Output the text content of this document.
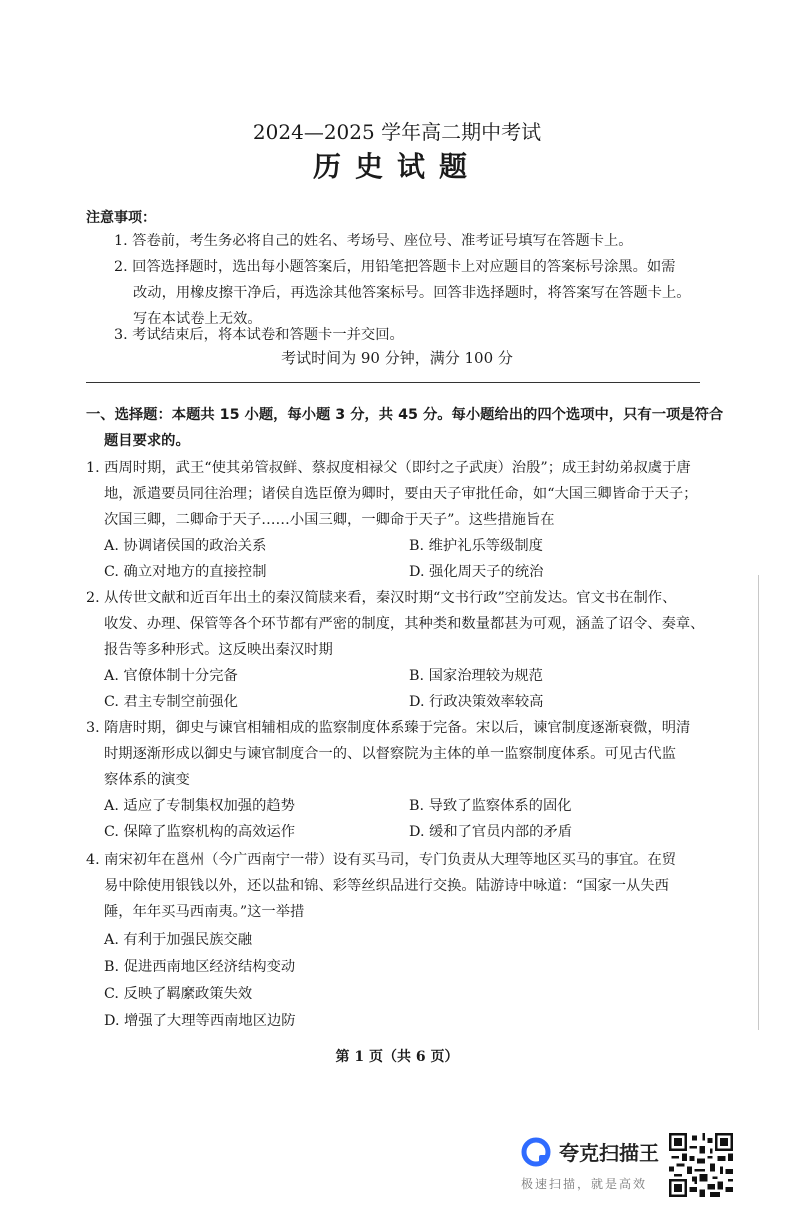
2024—2025 学年高二期中考试
历史试题
注意事项：
1. 答卷前，考生务必将自己的姓名、考场号、座位号、准考证号填写在答题卡上。
2. 回答选择题时，选出每小题答案后，用铅笔把答题卡上对应题目的答案标号涂黑。如需
改动，用橡皮擦干净后，再选涂其他答案标号。回答非选择题时，将答案写在答题卡上。
写在本试卷上无效。
3. 考试结束后，将本试卷和答题卡一并交回。
考试时间为 90 分钟，满分 100 分
一、选择题：本题共 15 小题，每小题 3 分，共 45 分。每小题给出的四个选项中，只有一项是符合
题目要求的。
1. 西周时期，武王“使其弟管叔鲜、蔡叔度相禄父（即纣之子武庚）治殷”；成王封幼弟叔虞于唐
地，派遣要员同往治理；诸侯自选臣僚为卿时，要由天子审批任命，如“大国三卿皆命于天子；
次国三卿，二卿命于天子……小国三卿，一卿命于天子”。这些措施旨在
A. 协调诸侯国的政治关系	B. 维护礼乐等级制度
C. 确立对地方的直接控制	D. 强化周天子的统治
2. 从传世文献和近百年出土的秦汉简牍来看，秦汉时期“文书行政”空前发达。官文书在制作、
收发、办理、保管等各个环节都有严密的制度，其种类和数量都甚为可观，涵盖了诏令、奏章、
报告等多种形式。这反映出秦汉时期
A. 官僚体制十分完备	B. 国家治理较为规范
C. 君主专制空前强化	D. 行政决策效率较高
3. 隋唐时期，御史与谏官相辅相成的监察制度体系臻于完备。宋以后，谏官制度逐渐衰微，明清
时期逐渐形成以御史与谏官制度合一的、以督察院为主体的单一监察制度体系。可见古代监
察体系的演变
A. 适应了专制集权加强的趋势	B. 导致了监察体系的固化
C. 保障了监察机构的高效运作	D. 缓和了官员内部的矛盾
4. 南宋初年在邕州（今广西南宁一带）设有买马司，专门负责从大理等地区买马的事宜。在贸
易中除使用银钱以外，还以盐和锦、彩等丝织品进行交换。陆游诗中咏道：“国家一从失西
陲，年年买马西南夷。”这一举措
A. 有利于加强民族交融
B. 促进西南地区经济结构变动
C. 反映了羁縻政策失效
D. 增强了大理等西南地区边防
第 1 页（共 6 页）
夸克扫描王
极速扫描，就是高效
